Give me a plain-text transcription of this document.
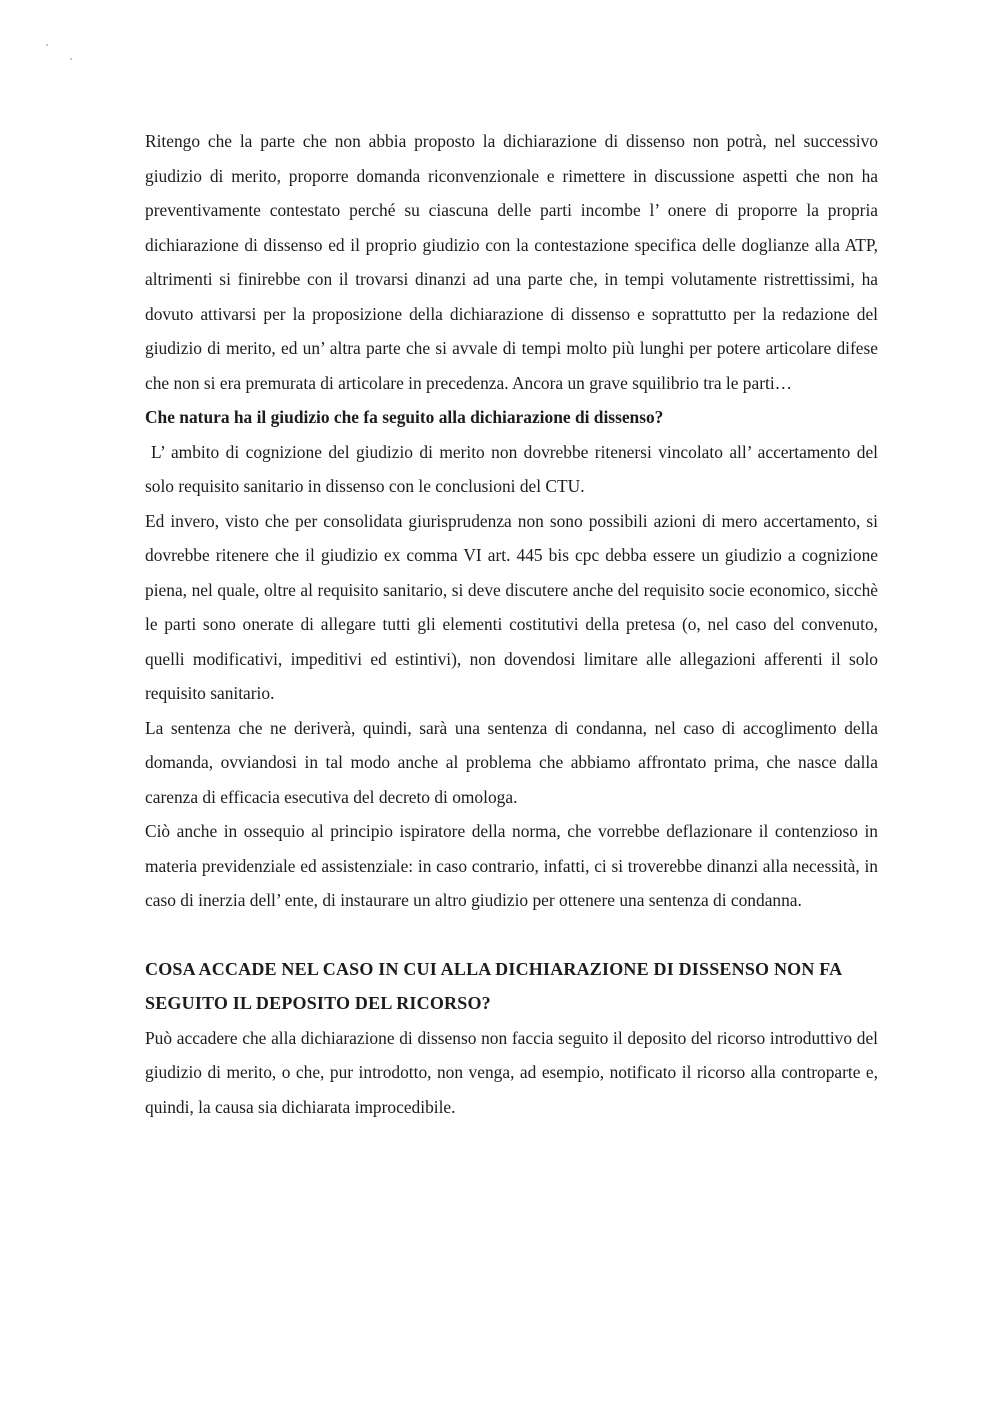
Ritengo che la parte che non abbia proposto la dichiarazione di dissenso non potrà, nel successivo giudizio di merito, proporre domanda riconvenzionale e rimettere in discussione aspetti che non ha preventivamente contestato perché su ciascuna delle parti incombe l’ onere di proporre la propria dichiarazione di dissenso ed il proprio giudizio con la contestazione specifica delle doglianze alla ATP, altrimenti si finirebbe con il trovarsi dinanzi ad una parte che, in tempi volutamente ristrettissimi, ha dovuto attivarsi per la proposizione della dichiarazione di dissenso e soprattutto per la redazione del giudizio di merito, ed un’ altra parte che si avvale di tempi molto più lunghi per potere articolare difese che non si era premurata di articolare in precedenza. Ancora un grave squilibrio tra le parti…

Che natura ha il giudizio che fa seguito alla dichiarazione di dissenso?

L’ ambito di cognizione del giudizio di merito non dovrebbe ritenersi vincolato all’ accertamento del solo requisito sanitario in dissenso con le conclusioni del CTU.

Ed invero, visto che per consolidata giurisprudenza non sono possibili azioni di mero accertamento, si dovrebbe ritenere che il giudizio ex comma VI art. 445 bis cpc debba essere un giudizio a cognizione piena, nel quale, oltre al requisito sanitario, si deve discutere anche del requisito socie economico, sicchè le parti sono onerate di allegare tutti gli elementi costitutivi della pretesa (o, nel caso del convenuto, quelli modificativi, impeditivi ed estintivi), non dovendosi limitare alle allegazioni afferenti il solo requisito sanitario.

La sentenza che ne deriverà, quindi, sarà una sentenza di condanna, nel caso di accoglimento della domanda, ovviandosi in tal modo anche al problema che abbiamo affrontato prima, che nasce dalla carenza di efficacia esecutiva del decreto di omologa.

Ciò anche in ossequio al principio ispiratore della norma, che vorrebbe deflazionare il contenzioso in materia previdenziale ed assistenziale: in caso contrario, infatti, ci si troverebbe dinanzi alla necessità, in caso di inerzia dell’ ente, di instaurare un altro giudizio per ottenere una sentenza di condanna.

COSA ACCADE NEL CASO IN CUI ALLA DICHIARAZIONE DI DISSENSO NON FA SEGUITO IL DEPOSITO DEL RICORSO?

Può accadere che alla dichiarazione di dissenso non faccia seguito il deposito del ricorso introduttivo del giudizio di merito, o che, pur introdotto, non venga, ad esempio, notificato il ricorso alla controparte e, quindi, la causa sia dichiarata improcedibile.
